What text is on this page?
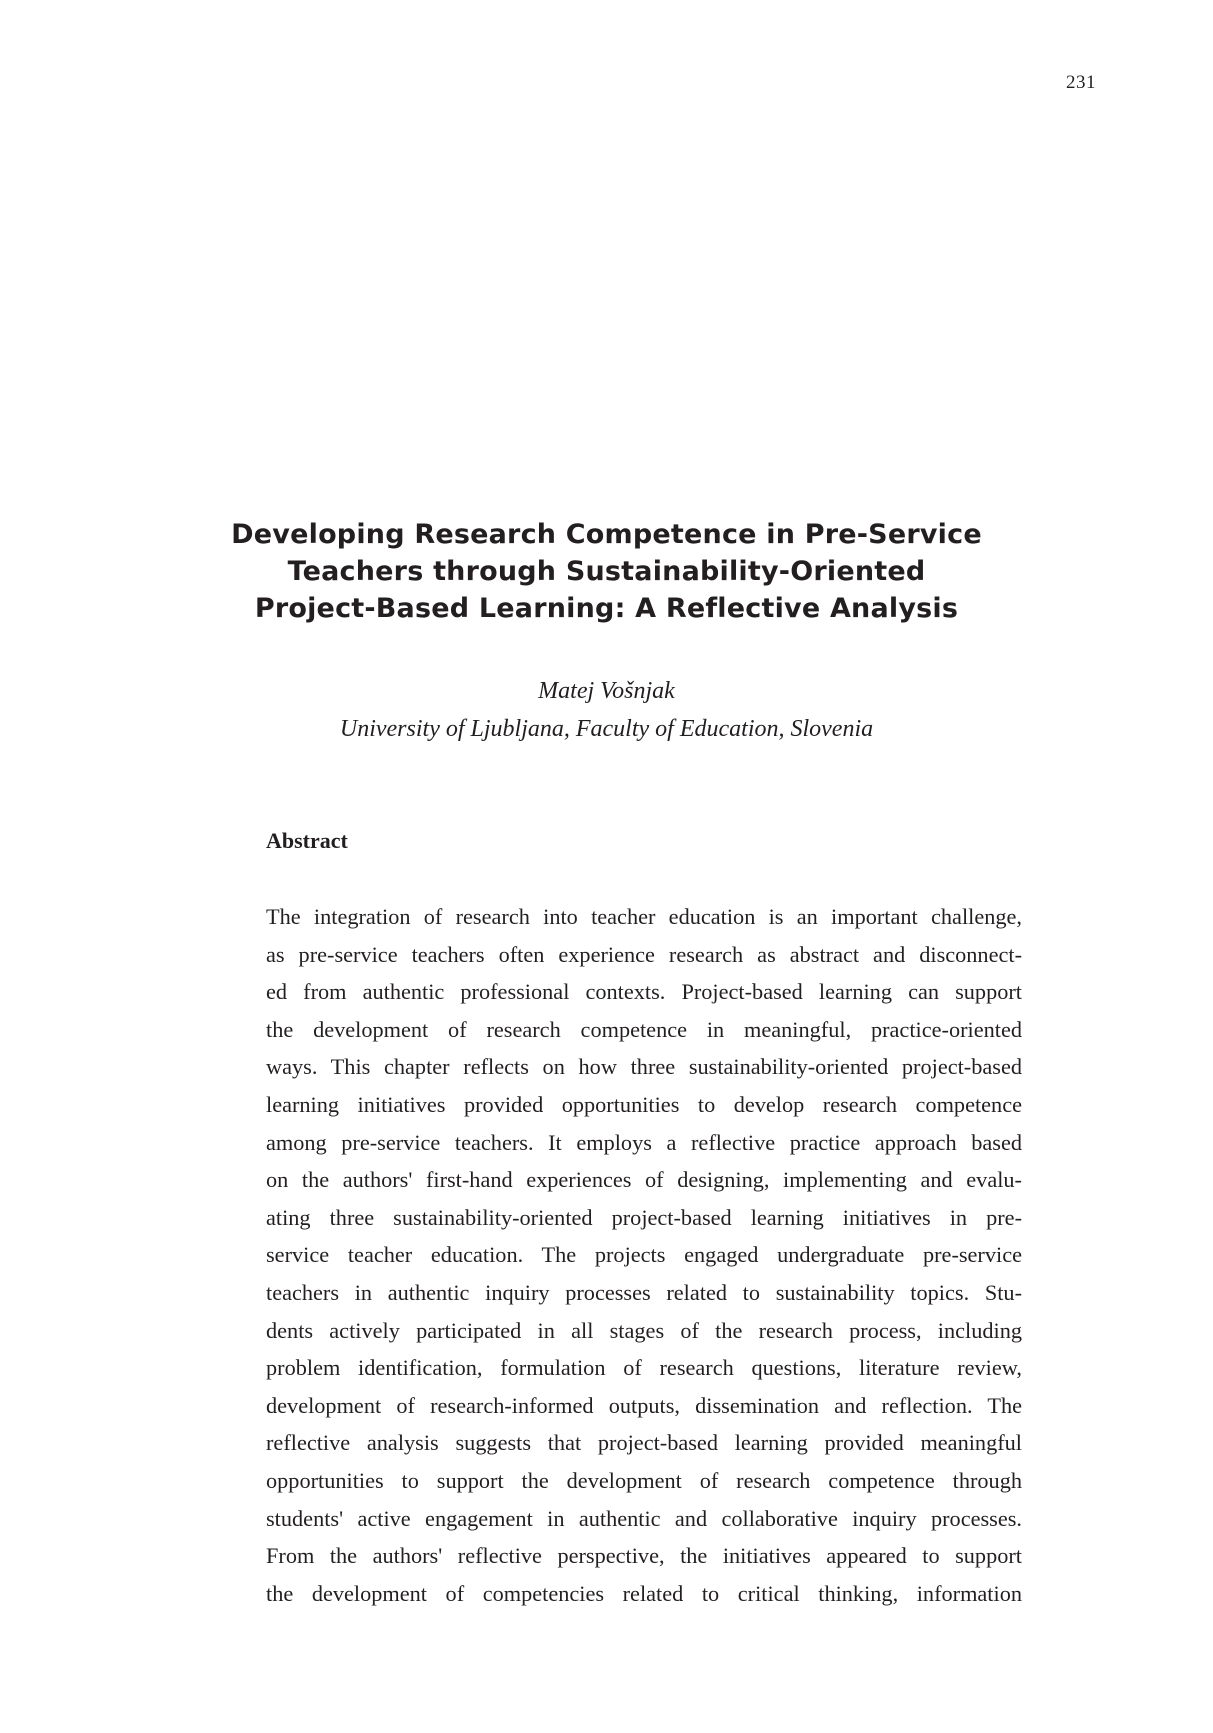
231
Developing Research Competence in Pre-Service
Teachers through Sustainability-Oriented
Project-Based Learning: A Reflective Analysis
Matej Vošnjak
University of Ljubljana, Faculty of Education, Slovenia
Abstract
The integration of research into teacher education is an important challenge,
as pre-service teachers often experience research as abstract and disconnect-
ed from authentic professional contexts. Project-based learning can support
the development of research competence in meaningful, practice-oriented
ways. This chapter reflects on how three sustainability-oriented project-based
learning initiatives provided opportunities to develop research competence
among pre-service teachers. It employs a reflective practice approach based
on the authors' first-hand experiences of designing, implementing and evalu-
ating three sustainability-oriented project-based learning initiatives in pre-
service teacher education. The projects engaged undergraduate pre-service
teachers in authentic inquiry processes related to sustainability topics. Stu-
dents actively participated in all stages of the research process, including
problem identification, formulation of research questions, literature review,
development of research-informed outputs, dissemination and reflection. The
reflective analysis suggests that project-based learning provided meaningful
opportunities to support the development of research competence through
students' active engagement in authentic and collaborative inquiry processes.
From the authors' reflective perspective, the initiatives appeared to support
the development of competencies related to critical thinking, information
